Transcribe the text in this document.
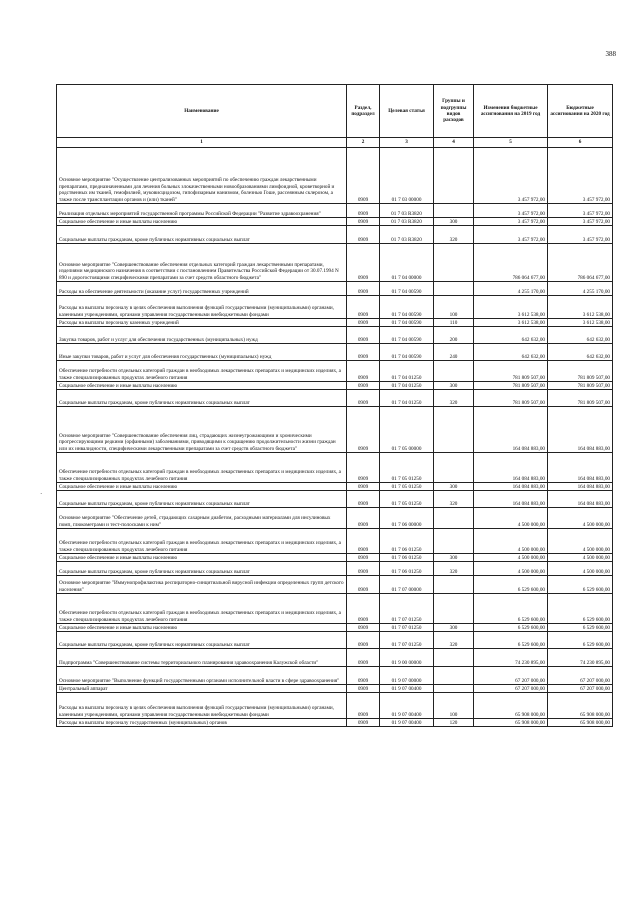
388
·
Наименование	Раздел, подраздел	Целевая статья	Группы и подгруппы видов расходов	Изменения бюджетные ассигнования на 2019 год	Бюджетные ассигнования на 2020 год
1	2	3	4	5	6
Основное мероприятие "Осуществление централизованных мероприятий по обеспечению граждан лекарственными препаратами, предназначенными для лечения больных злокачественными новообразованиями лимфоидной, кроветворной и родственных им тканей, гемофилией, муковисцидозом, гипофизарным нанизмом, болезнью Гоше, рассеянным склерозом, а также после трансплантации органов и (или) тканей"	0909	01 7 03 00000		3 457 972,00	3 457 972,00
Реализация отдельных мероприятий государственной программы Российской Федерации "Развитие здравоохранения"	0909	01 7 03 R3820		3 457 972,00	3 457 972,00
Социальное обеспечение и иные выплаты населению	0909	01 7 03 R3820	300	3 457 972,00	3 457 972,00
Социальные выплаты гражданам, кроме публичных нормативных социальных выплат	0909	01 7 03 R3820	320	3 457 972,00	3 457 972,00
Основное мероприятие "Совершенствование обеспечения отдельных категорий граждан лекарственными препаратами, изделиями медицинского назначения в соответствии с постановлением Правительства Российской Федерации от 30.07.1994 N 890 и дорогостоящими специфическими препаратами за счет средств областного бюджета"	0909	01 7 04 00000		786 064 677,00	786 064 677,00
Расходы на обеспечение деятельности (оказание услуг) государственных учреждений	0909	01 7 04 00590		4 255 170,00	4 255 170,00
Расходы на выплаты персоналу в целях обеспечения выполнения функций государственными (муниципальными) органами, казенными учреждениями, органами управления государственными внебюджетными фондами	0909	01 7 04 00590	100	3 612 538,00	3 612 538,00
Расходы на выплаты персоналу казенных учреждений	0909	01 7 04 00590	110	3 612 538,00	3 612 538,00
Закупка товаров, работ и услуг для обеспечения государственных (муниципальных) нужд	0909	01 7 04 00590	200	642 632,00	642 632,00
Иные закупки товаров, работ и услуг для обеспечения государственных (муниципальных) нужд	0909	01 7 04 00590	240	642 632,00	642 632,00
Обеспечение потребности отдельных категорий граждан в необходимых лекарственных препаратах и медицинских изделиях, а также специализированных продуктах лечебного питания	0909	01 7 04 01250		781 809 507,00	781 809 507,00
Социальное обеспечение и иные выплаты населению	0909	01 7 04 01250	300	781 809 507,00	781 809 507,00
Социальные выплаты гражданам, кроме публичных нормативных социальных выплат	0909	01 7 04 01250	320	781 809 507,00	781 809 507,00
Основное мероприятие "Совершенствование обеспечения лиц, страдающих жизнеугрожающими и хроническими прогрессирующими редкими (орфанными) заболеваниями, приводящими к сокращению продолжительности жизни граждан или их инвалидности, специфическими лекарственными препаратами за счет средств областного бюджета"	0909	01 7 05 00000		164 084 883,00	164 084 883,00
Обеспечение потребности отдельных категорий граждан в необходимых лекарственных препаратах и медицинских изделиях, а также специализированных продуктах лечебного питания	0909	01 7 05 01250		164 084 883,00	164 084 883,00
Социальное обеспечение и иные выплаты населению	0909	01 7 05 01250	300	164 084 883,00	164 084 883,00
Социальные выплаты гражданам, кроме публичных нормативных социальных выплат	0909	01 7 05 01250	320	164 084 883,00	164 084 883,00
Основное мероприятие "Обеспечение детей, страдающих сахарным диабетом, расходными материалами для инсулиновых помп, глюкометрами и тест-полосками к ним"	0909	01 7 06 00000		4 500 000,00	4 500 000,00
Обеспечение потребности отдельных категорий граждан в необходимых лекарственных препаратах и медицинских изделиях, а также специализированных продуктах лечебного питания	0909	01 7 06 01250		4 500 000,00	4 500 000,00
Социальное обеспечение и иные выплаты населению	0909	01 7 06 01250	300	4 500 000,00	4 500 000,00
Социальные выплаты гражданам, кроме публичных нормативных социальных выплат	0909	01 7 06 01250	320	4 500 000,00	4 500 000,00
Основное мероприятие "Иммунопрофилактика респираторно-синцитиальной вирусной инфекции определенных групп детского населения"	0909	01 7 07 00000		6 529 600,00	6 529 600,00
Обеспечение потребности отдельных категорий граждан в необходимых лекарственных препаратах и медицинских изделиях, а также специализированных продуктах лечебного питания	0909	01 7 07 01250		6 529 600,00	6 529 600,00
Социальное обеспечение и иные выплаты населению	0909	01 7 07 01250	300	6 529 600,00	6 529 600,00
Социальные выплаты гражданам, кроме публичных нормативных социальных выплат	0909	01 7 07 01250	320	6 529 600,00	6 529 600,00
Подпрограмма "Совершенствование системы территориального планирования здравоохранения Калужской области"	0909	01 9 00 00000		74 230 895,00	74 230 895,00
Основное мероприятие "Выполнение функций государственными органами исполнительной власти в сфере здравоохранения"	0909	01 9 07 00000		67 207 000,00	67 207 000,00
Центральный аппарат	0909	01 9 07 00400		67 207 000,00	67 207 000,00
Расходы на выплаты персоналу в целях обеспечения выполнения функций государственными (муниципальными) органами, казенными учреждениями, органами управления государственными внебюджетными фондами	0909	01 9 07 00400	100	65 908 000,00	65 908 000,00
Расходы на выплаты персоналу государственных (муниципальных) органов	0909	01 9 07 00400	120	65 908 000,00	65 908 000,00
